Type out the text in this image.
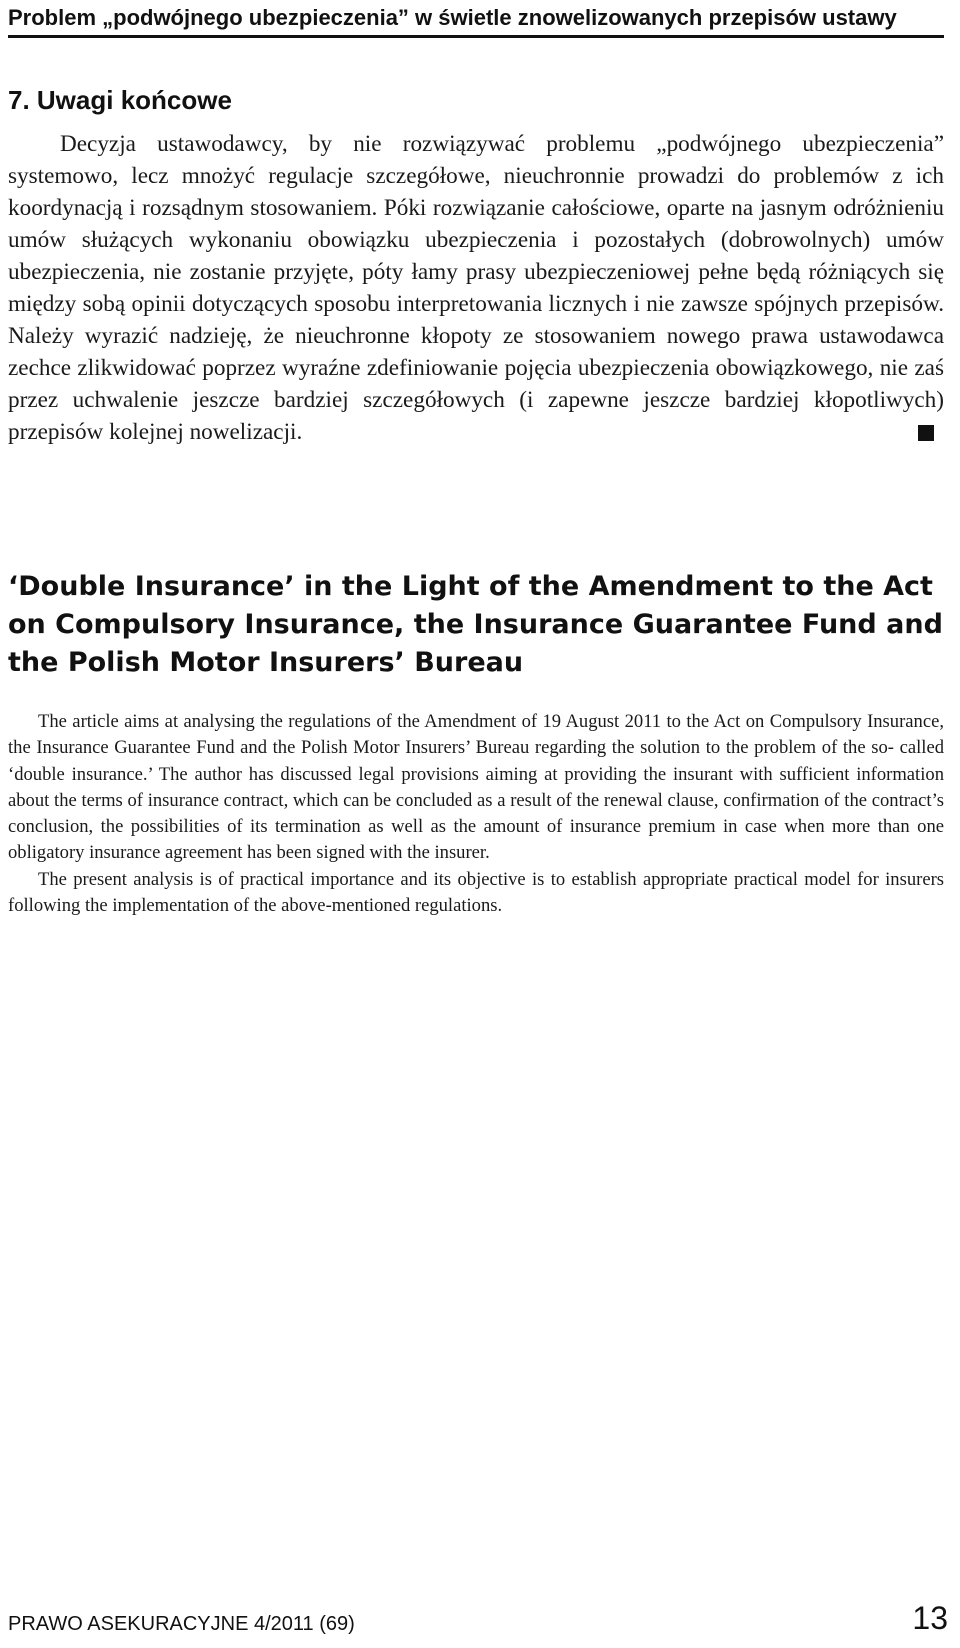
Problem „podwójnego ubezpieczenia” w świetle znowelizowanych przepisów ustawy
7. Uwagi końcowe

Decyzja ustawodawcy, by nie rozwiązywać problemu „podwójnego ubezpieczenia” systemowo, lecz mnożyć regulacje szczegółowe, nieuchronnie prowadzi do problemów z ich koordynacją i rozsądnym stosowaniem. Póki rozwiązanie całościowe, oparte na jasnym odróżnieniu umów służących wykonaniu obowiązku ubezpieczenia i pozostałych (dobrowolnych) umów ubezpieczenia, nie zostanie przyjęte, póty łamy prasy ubezpieczeniowej pełne będą różniących się między sobą opinii dotyczących sposobu interpretowania licznych i nie zawsze spójnych przepisów. Należy wyrazić nadzieję, że nieuchronne kłopoty ze stosowaniem nowego prawa ustawodawca zechce zlikwidować poprzez wyraźne zdefiniowanie pojęcia ubezpieczenia obowiązkowego, nie zaś przez uchwalenie jeszcze bardziej szczegółowych (i zapewne jeszcze bardziej kłopotliwych) przepisów kolejnej nowelizacji.

‘Double Insurance’ in the Light of the Amendment to the Act on Compulsory Insurance, the Insurance Guarantee Fund and the Polish Motor Insurers’ Bureau

The article aims at analysing the regulations of the Amendment of 19 August 2011 to the Act on Compulsory Insurance, the Insurance Guarantee Fund and the Polish Motor Insurers’ Bureau regarding the solution to the problem of the so- called ‘double insurance.’ The author has discussed legal provisions aiming at providing the insurant with sufficient information about the terms of insurance contract, which can be concluded as a result of the renewal clause, confirmation of the contract’s conclusion, the possibilities of its termination as well as the amount of insurance premium in case when more than one obligatory insurance agreement has been signed with the insurer.

The present analysis is of practical importance and its objective is to establish appropriate practical model for insurers following the implementation of the above-mentioned regulations.

PRAWO ASEKURACYJNE 4/2011 (69)	13
